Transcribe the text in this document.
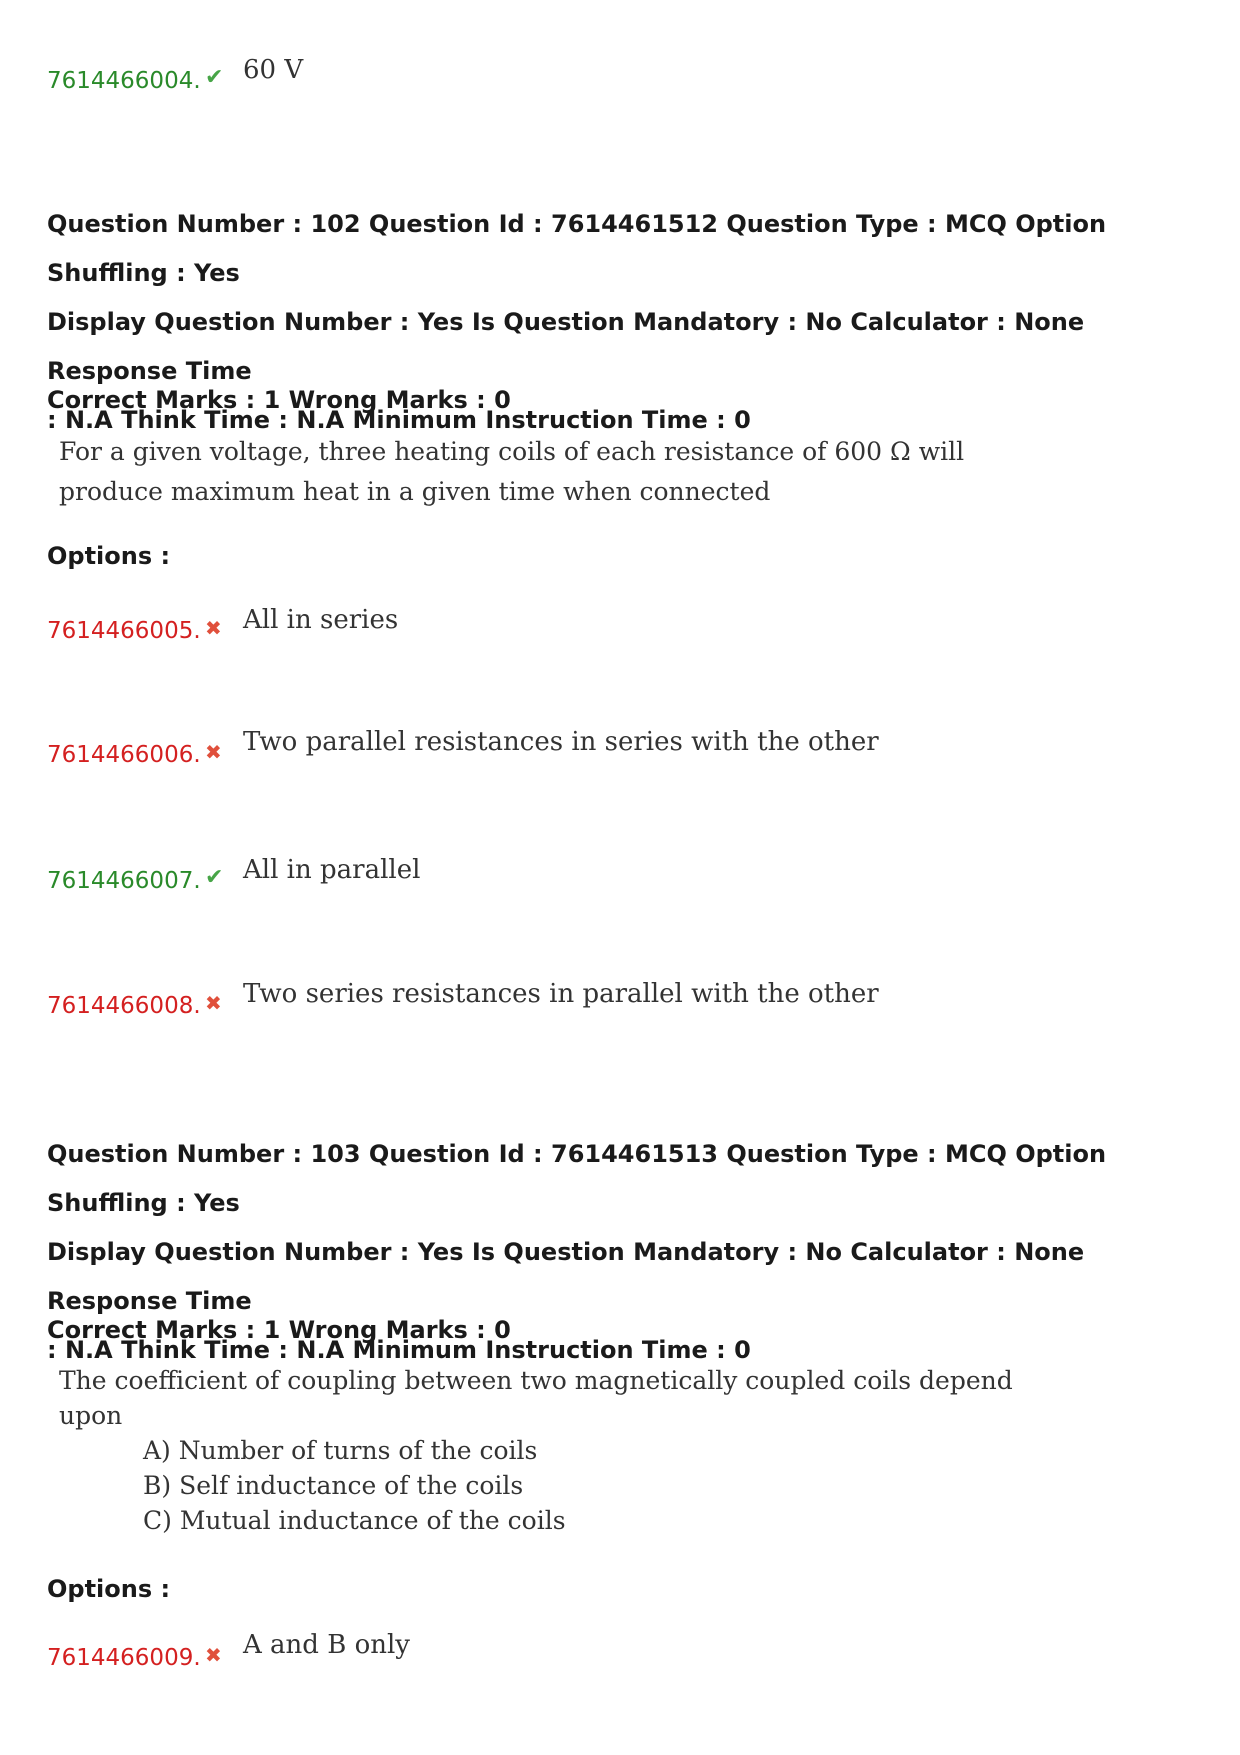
7614466004. ✔ 60 V
Question Number : 102 Question Id : 7614461512 Question Type : MCQ Option Shuffling : Yes
Display Question Number : Yes Is Question Mandatory : No Calculator : None Response Time
: N.A Think Time : N.A Minimum Instruction Time : 0
Correct Marks : 1 Wrong Marks : 0
For a given voltage, three heating coils of each resistance of 600 Ω will
produce maximum heat in a given time when connected
Options :
7614466005. ✖ All in series
7614466006. ✖ Two parallel resistances in series with the other
7614466007. ✔ All in parallel
7614466008. ✖ Two series resistances in parallel with the other
Question Number : 103 Question Id : 7614461513 Question Type : MCQ Option Shuffling : Yes
Display Question Number : Yes Is Question Mandatory : No Calculator : None Response Time
: N.A Think Time : N.A Minimum Instruction Time : 0
Correct Marks : 1 Wrong Marks : 0
The coefficient of coupling between two magnetically coupled coils depend
upon
A) Number of turns of the coils
B) Self inductance of the coils
C) Mutual inductance of the coils
Options :
7614466009. ✖ A and B only
